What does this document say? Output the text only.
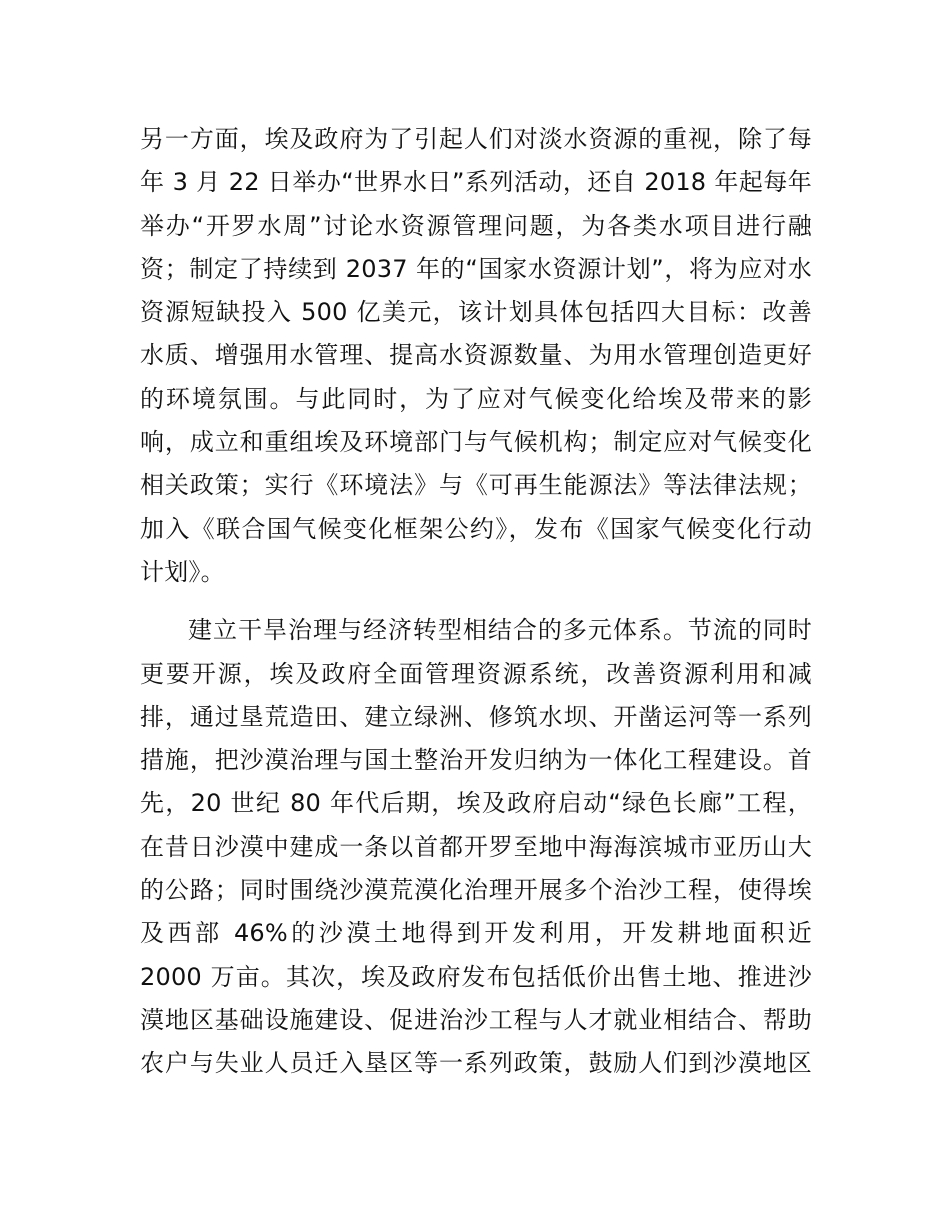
另一方面，埃及政府为了引起人们对淡水资源的重视，除了每
年 3 月 22 日举办“世界水日”系列活动，还自 2018 年起每年
举办“开罗水周”讨论水资源管理问题，为各类水项目进行融
资；制定了持续到 2037 年的“国家水资源计划”，将为应对水
资源短缺投入 500 亿美元，该计划具体包括四大目标：改善
水质、增强用水管理、提高水资源数量、为用水管理创造更好
的环境氛围。与此同时，为了应对气候变化给埃及带来的影
响，成立和重组埃及环境部门与气候机构；制定应对气候变化
相关政策；实行《环境法》与《可再生能源法》等法律法规；
加入《联合国气候变化框架公约》，发布《国家气候变化行动
计划》。
建立干旱治理与经济转型相结合的多元体系。节流的同时
更要开源，埃及政府全面管理资源系统，改善资源利用和减
排，通过垦荒造田、建立绿洲、修筑水坝、开凿运河等一系列
措施，把沙漠治理与国土整治开发归纳为一体化工程建设。首
先，20 世纪 80 年代后期，埃及政府启动“绿色长廊”工程，
在昔日沙漠中建成一条以首都开罗至地中海海滨城市亚历山大
的公路；同时围绕沙漠荒漠化治理开展多个治沙工程，使得埃
及西部 46%的沙漠土地得到开发利用，开发耕地面积近
2000 万亩。其次，埃及政府发布包括低价出售土地、推进沙
漠地区基础设施建设、促进治沙工程与人才就业相结合、帮助
农户与失业人员迁入垦区等一系列政策，鼓励人们到沙漠地区
